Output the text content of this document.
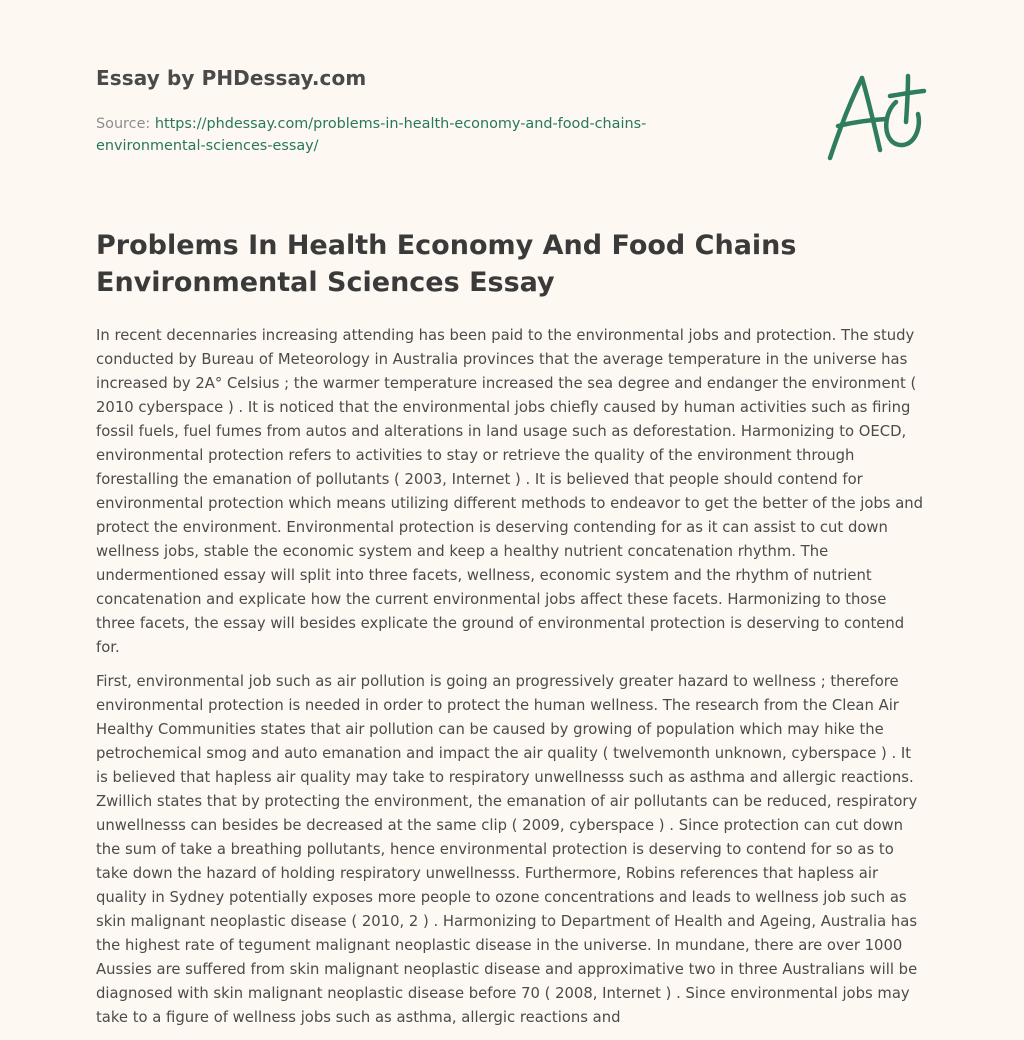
Essay by PHDessay.com

Source: https://phdessay.com/problems-in-health-economy-and-food-chains-environmental-sciences-essay/

Problems In Health Economy And Food Chains Environmental Sciences Essay

In recent decennaries increasing attending has been paid to the environmental jobs and protection. The study conducted by Bureau of Meteorology in Australia provinces that the average temperature in the universe has increased by 2A° Celsius ; the warmer temperature increased the sea degree and endanger the environment ( 2010 cyberspace ) . It is noticed that the environmental jobs chiefly caused by human activities such as firing fossil fuels, fuel fumes from autos and alterations in land usage such as deforestation. Harmonizing to OECD, environmental protection refers to activities to stay or retrieve the quality of the environment through forestalling the emanation of pollutants ( 2003, Internet ) . It is believed that people should contend for environmental protection which means utilizing different methods to endeavor to get the better of the jobs and protect the environment. Environmental protection is deserving contending for as it can assist to cut down wellness jobs, stable the economic system and keep a healthy nutrient concatenation rhythm. The undermentioned essay will split into three facets, wellness, economic system and the rhythm of nutrient concatenation and explicate how the current environmental jobs affect these facets. Harmonizing to those three facets, the essay will besides explicate the ground of environmental protection is deserving to contend for.

First, environmental job such as air pollution is going an progressively greater hazard to wellness ; therefore environmental protection is needed in order to protect the human wellness. The research from the Clean Air Healthy Communities states that air pollution can be caused by growing of population which may hike the petrochemical smog and auto emanation and impact the air quality ( twelvemonth unknown, cyberspace ) . It is believed that hapless air quality may take to respiratory unwellnesss such as asthma and allergic reactions. Zwillich states that by protecting the environment, the emanation of air pollutants can be reduced, respiratory unwellnesss can besides be decreased at the same clip ( 2009, cyberspace ) . Since protection can cut down the sum of take a breathing pollutants, hence environmental protection is deserving to contend for so as to take down the hazard of holding respiratory unwellnesss. Furthermore, Robins references that hapless air quality in Sydney potentially exposes more people to ozone concentrations and leads to wellness job such as skin malignant neoplastic disease ( 2010, 2 ) . Harmonizing to Department of Health and Ageing, Australia has the highest rate of tegument malignant neoplastic disease in the universe. In mundane, there are over 1000 Aussies are suffered from skin malignant neoplastic disease and approximative two in three Australians will be diagnosed with skin malignant neoplastic disease before 70 ( 2008, Internet ) . Since environmental jobs may take to a figure of wellness jobs such as asthma, allergic reactions and
